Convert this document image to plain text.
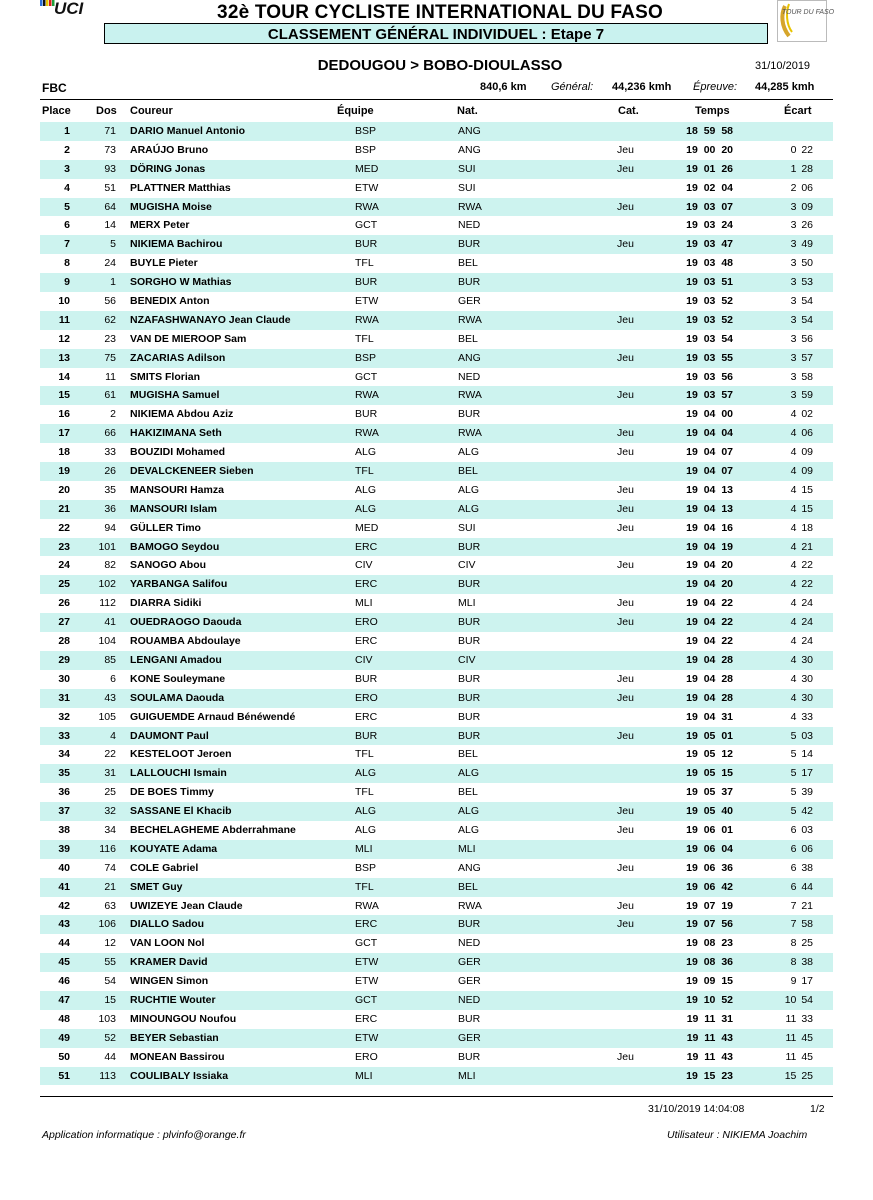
UCI	32è TOUR CYCLISTE INTERNATIONAL DU FASO
CLASSEMENT GÉNÉRAL INDIVIDUEL : Etape 7
TOUR DU FASO
DEDOUGOU > BOBO-DIOULASSO	31/10/2019
FBC	840,6 km Général: 44,236 kmh Épreuve: 44,285 kmh
Place Dos Coureur	Équipe	Nat.	Cat.	Temps	Écart
1	71 DARIO Manuel Antonio	BSP	ANG	18 59 58
2	73 ARAÚJO Bruno	BSP	ANG	Jeu	19 00 20	0 22
3	93 DÖRING Jonas	MED	SUI	Jeu	19 01 26	1 28
4	51 PLATTNER Matthias	ETW	SUI	19 02 04	2 06
5	64 MUGISHA Moise	RWA	RWA	Jeu	19 03 07	3 09
6	14 MERX Peter	GCT	NED	19 03 24	3 26
7	5 NIKIEMA Bachirou	BUR	BUR	Jeu	19 03 47	3 49
8	24 BUYLE Pieter	TFL	BEL	19 03 48	3 50
9	1 SORGHO W Mathias	BUR	BUR	19 03 51	3 53
10	56 BENEDIX Anton	ETW	GER	19 03 52	3 54
11	62 NZAFASHWANAYO Jean Claude	RWA	RWA	Jeu	19 03 52	3 54
12	23 VAN DE MIEROOP Sam	TFL	BEL	19 03 54	3 56
13	75 ZACARIAS Adilson	BSP	ANG	Jeu	19 03 55	3 57
14	11 SMITS Florian	GCT	NED	19 03 56	3 58
15	61 MUGISHA Samuel	RWA	RWA	Jeu	19 03 57	3 59
16	2 NIKIEMA Abdou Aziz	BUR	BUR	19 04 00	4 02
17	66 HAKIZIMANA Seth	RWA	RWA	Jeu	19 04 04	4 06
18	33 BOUZIDI Mohamed	ALG	ALG	Jeu	19 04 07	4 09
19	26 DEVALCKENEER Sieben	TFL	BEL	19 04 07	4 09
20	35 MANSOURI Hamza	ALG	ALG	Jeu	19 04 13	4 15
21	36 MANSOURI Islam	ALG	ALG	Jeu	19 04 13	4 15
22	94 GÜLLER Timo	MED	SUI	Jeu	19 04 16	4 18
23	101 BAMOGO Seydou	ERC	BUR	19 04 19	4 21
24	82 SANOGO Abou	CIV	CIV	Jeu	19 04 20	4 22
25	102 YARBANGA Salifou	ERC	BUR	19 04 20	4 22
26	112 DIARRA Sidiki	MLI	MLI	Jeu	19 04 22	4 24
27	41 OUEDRAOGO Daouda	ERO	BUR	Jeu	19 04 22	4 24
28	104 ROUAMBA Abdoulaye	ERC	BUR	19 04 22	4 24
29	85 LENGANI Amadou	CIV	CIV	19 04 28	4 30
30	6 KONE Souleymane	BUR	BUR	Jeu	19 04 28	4 30
31	43 SOULAMA Daouda	ERO	BUR	Jeu	19 04 28	4 30
32	105 GUIGUEMDE Arnaud Bénéwendé	ERC	BUR	19 04 31	4 33
33	4 DAUMONT Paul	BUR	BUR	Jeu	19 05 01	5 03
34	22 KESTELOOT Jeroen	TFL	BEL	19 05 12	5 14
35	31 LALLOUCHI Ismain	ALG	ALG	19 05 15	5 17
36	25 DE BOES Timmy	TFL	BEL	19 05 37	5 39
37	32 SASSANE El Khacib	ALG	ALG	Jeu	19 05 40	5 42
38	34 BECHELAGHEME Abderrahmane	ALG	ALG	Jeu	19 06 01	6 03
39	116 KOUYATE Adama	MLI	MLI	19 06 04	6 06
40	74 COLE Gabriel	BSP	ANG	Jeu	19 06 36	6 38
41	21 SMET Guy	TFL	BEL	19 06 42	6 44
42	63 UWIZEYE Jean Claude	RWA	RWA	Jeu	19 07 19	7 21
43	106 DIALLO Sadou	ERC	BUR	Jeu	19 07 56	7 58
44	12 VAN LOON Nol	GCT	NED	19 08 23	8 25
45	55 KRAMER David	ETW	GER	19 08 36	8 38
46	54 WINGEN Simon	ETW	GER	19 09 15	9 17
47	15 RUCHTIE Wouter	GCT	NED	19 10 52	10 54
48	103 MINOUNGOU Noufou	ERC	BUR	19 11 31	11 33
49	52 BEYER Sebastian	ETW	GER	19 11 43	11 45
50	44 MONEAN Bassirou	ERO	BUR	Jeu	19 11 43	11 45
51	113 COULIBALY Issiaka	MLI	MLI	19 15 23	15 25
31/10/2019 14:04:08	1/2
Application informatique : plvinfo@orange.fr	Utilisateur : NIKIEMA Joachim
